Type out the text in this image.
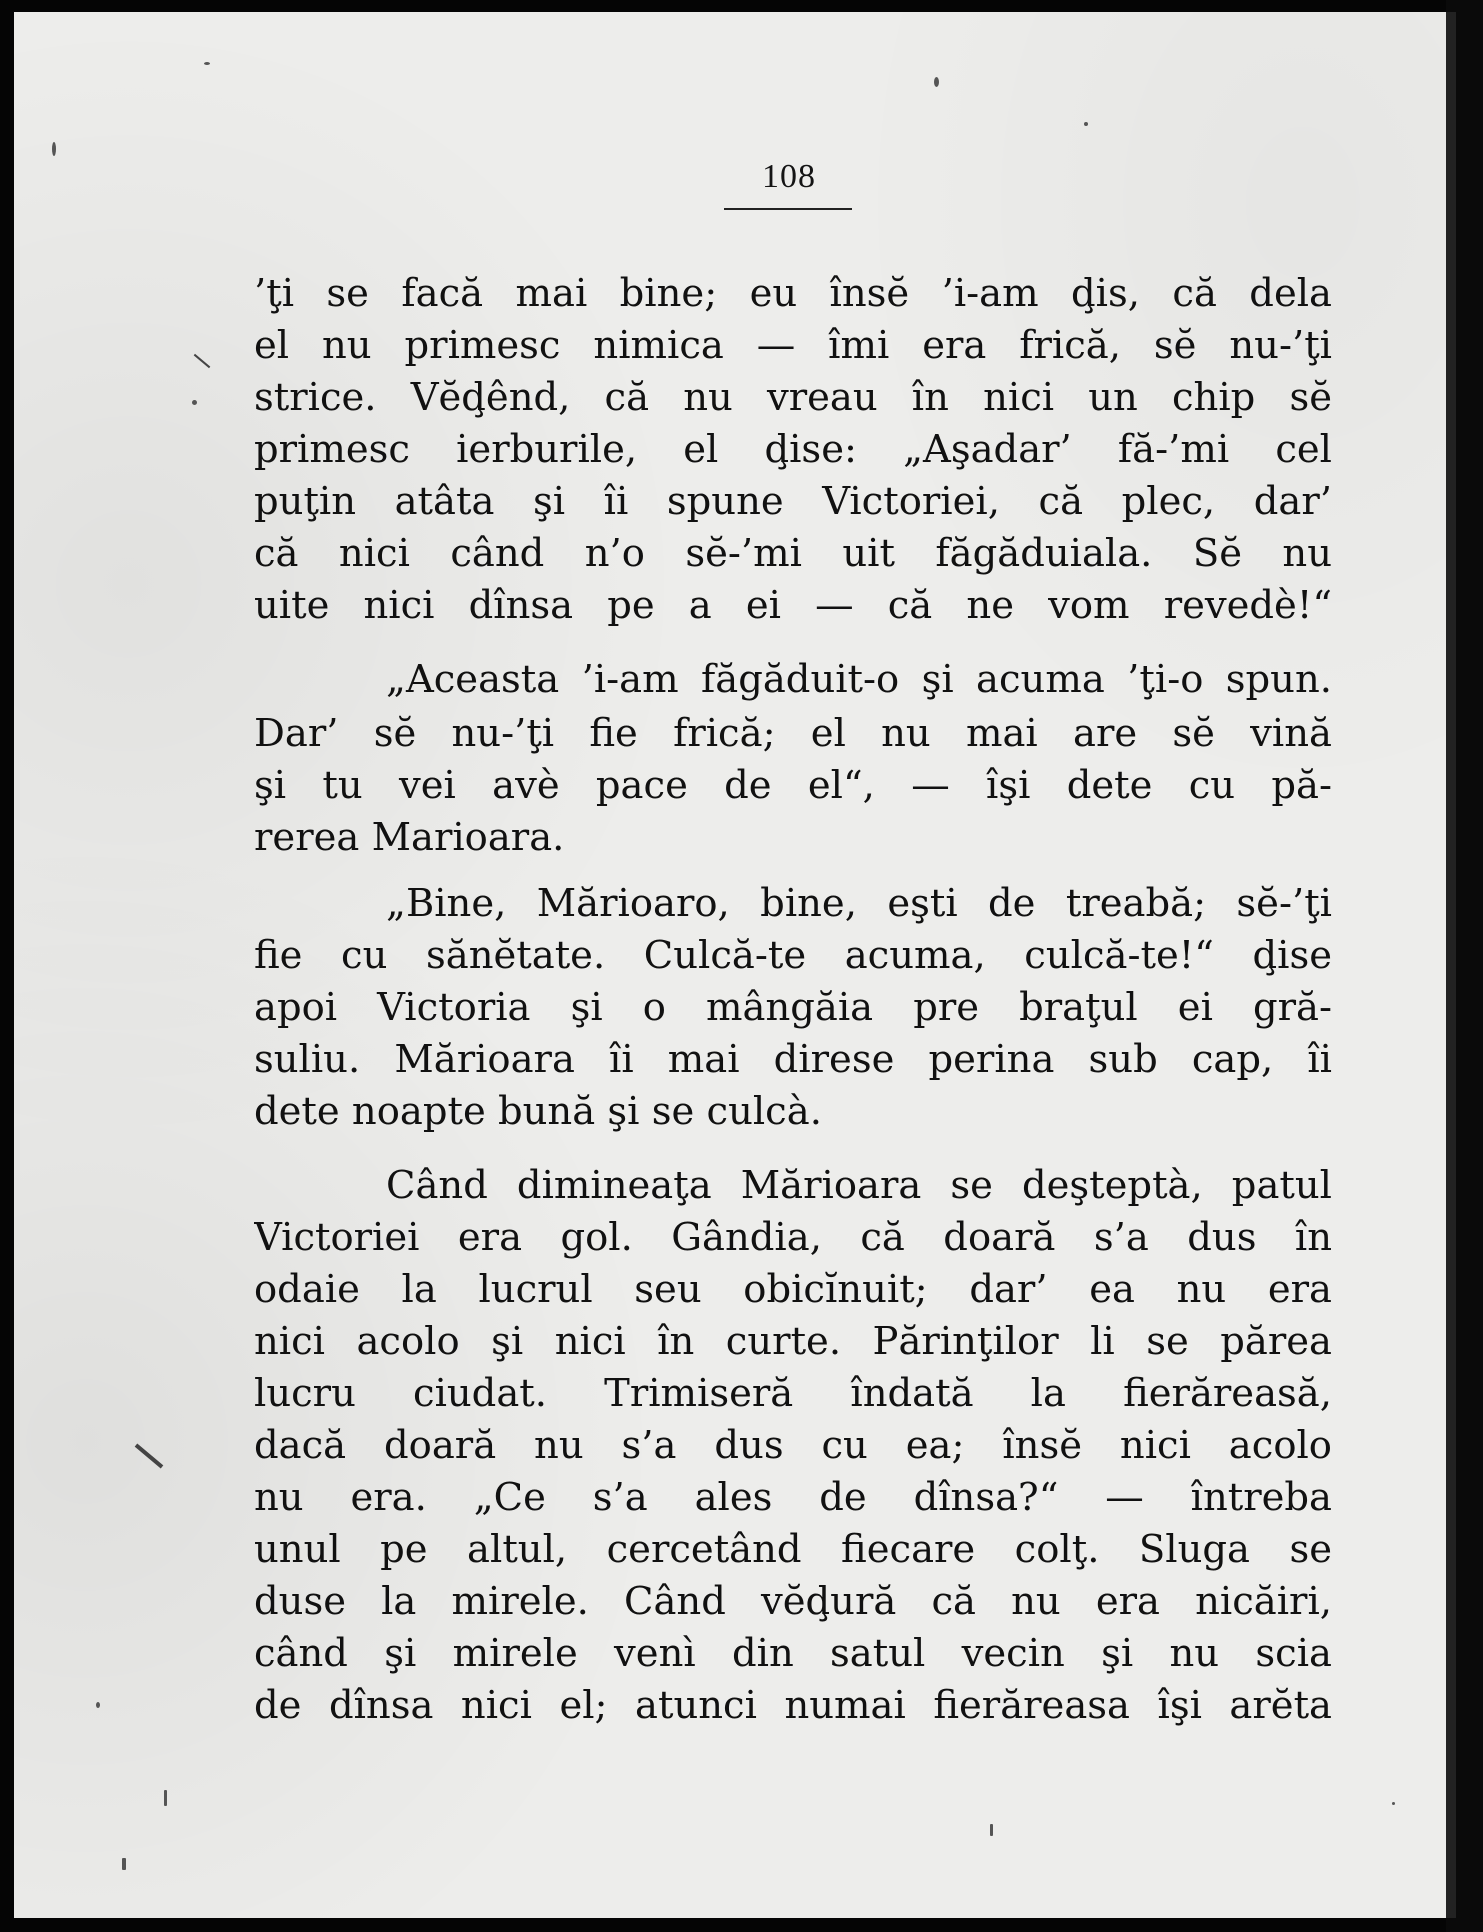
108
’ţi se facă mai bine; eu însĕ ’i-am ḑis, că dela
el nu primesc nimica — îmi era frică, sĕ nu-’ţi
strice. Vĕḑênd, că nu vreau în nici un chip sĕ
primesc ierburile, el ḑise: „Aşadar’ fă-’mi cel
puţin atâta şi îi spune Victoriei, că plec, dar’
că nici când n’o sĕ-’mi uit făgăduiala. Sĕ nu
uite nici dînsa pe a ei — că ne vom revedè!“
„Aceasta ’i-am făgăduit-o şi acuma ’ţi-o spun.
Dar’ sĕ nu-’ţi fie frică; el nu mai are sĕ vină
şi tu vei avè pace de el“, — îşi dete cu pă-
rerea Marioara.
„Bine, Mărioaro, bine, eşti de treabă; sĕ-’ţi
fie cu sănĕtate. Culcă-te acuma, culcă-te!“ ḑise
apoi Victoria şi o mângăia pre braţul ei gră-
suliu. Mărioara îi mai direse perina sub cap, îi
dete noapte bună şi se culcà.
Când dimineaţa Mărioara se deşteptà, patul
Victoriei era gol. Gândia, că doară s’a dus în
odaie la lucrul seu obicĭnuit; dar’ ea nu era
nici acolo şi nici în curte. Părinţilor li se părea
lucru ciudat. Trimiseră îndată la fierăreasă,
dacă doară nu s’a dus cu ea; însĕ nici acolo
nu era. „Ce s’a ales de dînsa?“ — întreba
unul pe altul, cercetând fiecare colţ. Sluga se
duse la mirele. Când vĕḑură că nu era nicăiri,
când şi mirele venì din satul vecin şi nu scia
de dînsa nici el; atunci numai fierăreasa îşi arĕta
